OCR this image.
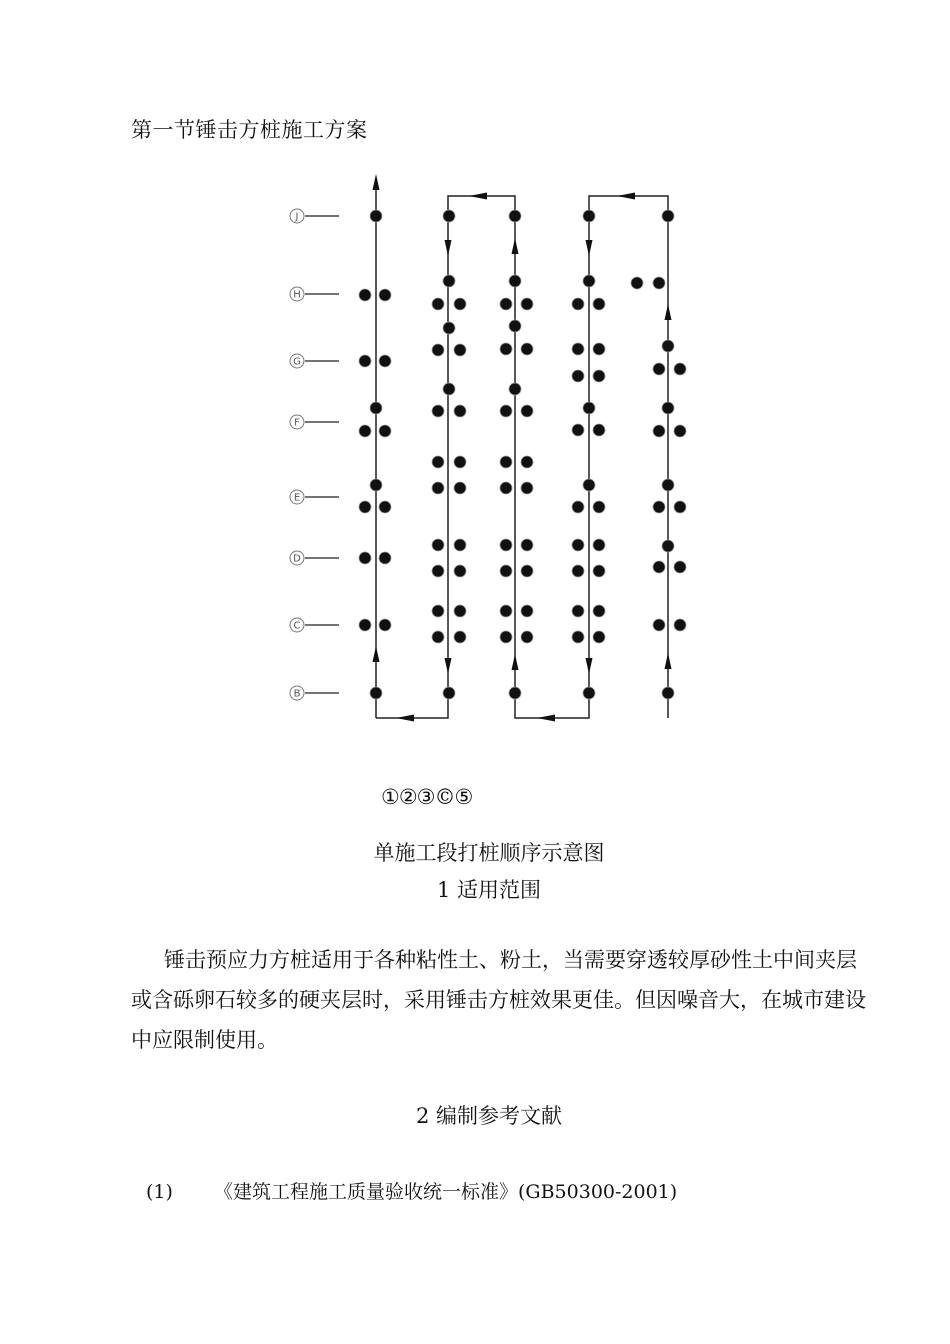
第一节锤击方桩施工方案
J
H
G
F
E
D
C
B
①②③©⑤
单施工段打桩顺序示意图
1 适用范围
锤击预应力方桩适用于各种粘性土、粉土，当需要穿透较厚砂性土中间夹层或含砾卵石较多的硬夹层时，采用锤击方桩效果更佳。但因噪音大，在城市建设中应限制使用。
2 编制参考文献
(1) 《建筑工程施工质量验收统一标准》(GB50300-2001)
